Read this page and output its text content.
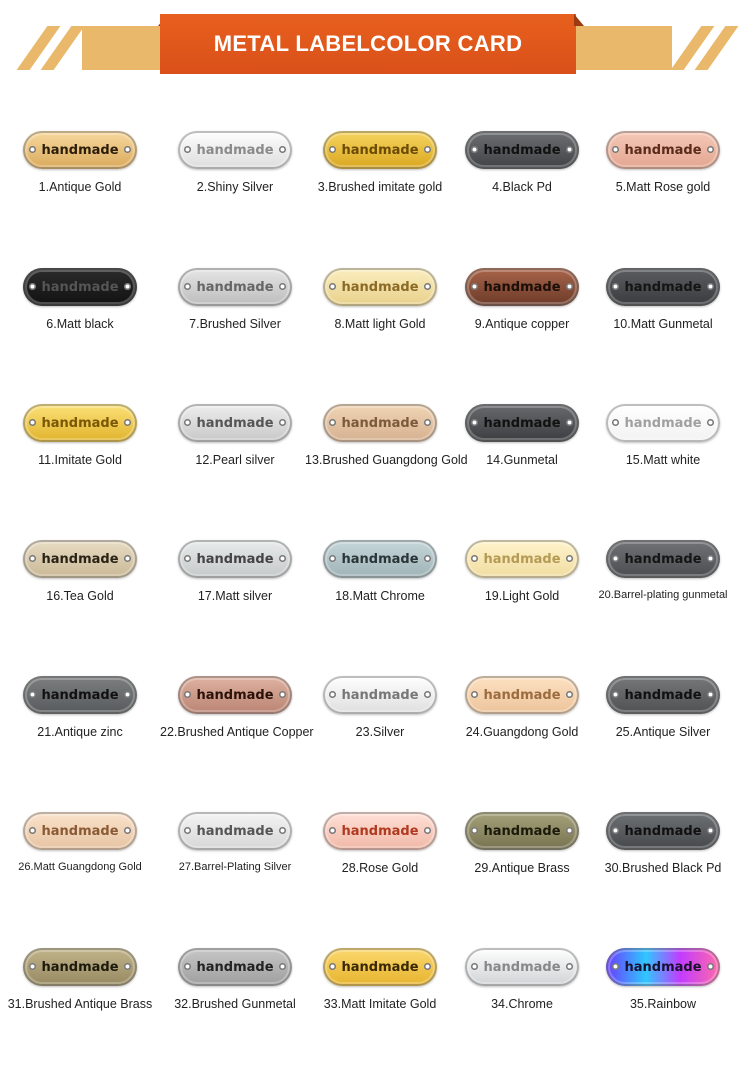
METAL LABELCOLOR CARD
handmade
1.Antique Gold
handmade
2.Shiny Silver
handmade
3.Brushed imitate gold
handmade
4.Black Pd
handmade
5.Matt Rose gold
handmade
6.Matt black
handmade
7.Brushed Silver
handmade
8.Matt light Gold
handmade
9.Antique copper
handmade
10.Matt Gunmetal
handmade
11.Imitate Gold
handmade
12.Pearl silver
handmade
13.Brushed Guangdong Gold
handmade
14.Gunmetal
handmade
15.Matt white
handmade
16.Tea Gold
handmade
17.Matt silver
handmade
18.Matt Chrome
handmade
19.Light Gold
handmade
20.Barrel-plating gunmetal
handmade
21.Antique zinc
handmade
22.Brushed Antique Copper
handmade
23.Silver
handmade
24.Guangdong Gold
handmade
25.Antique Silver
handmade
26.Matt Guangdong Gold
handmade
27.Barrel-Plating Silver
handmade
28.Rose Gold
handmade
29.Antique Brass
handmade
30.Brushed Black Pd
handmade
31.Brushed Antique Brass
handmade
32.Brushed Gunmetal
handmade
33.Matt Imitate Gold
handmade
34.Chrome
handmade
35.Rainbow
